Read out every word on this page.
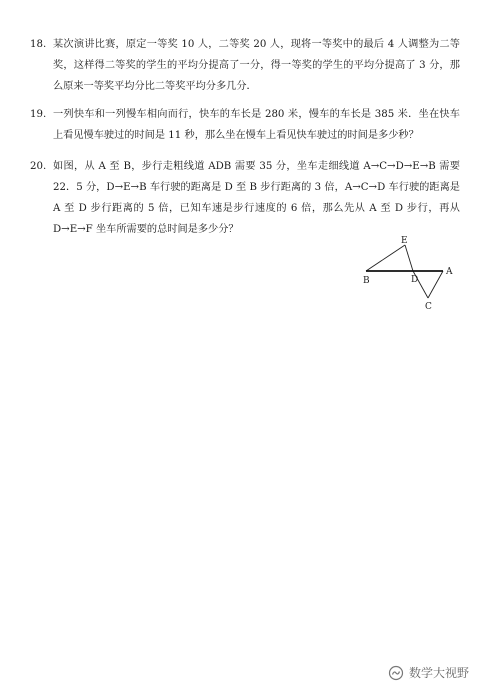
18. 某次演讲比赛，原定一等奖 10 人，二等奖 20 人，现将一等奖中的最后 4 人调整为二等奖，这样得二等奖的学生的平均分提高了一分，得一等奖的学生的平均分提高了 3 分，那么原来一等奖平均分比二等奖平均分多几分．
19. 一列快车和一列慢车相向而行，快车的车长是 280 米，慢车的车长是 385 米．坐在快车上看见慢车驶过的时间是 11 秒，那么坐在慢车上看见快车驶过的时间是多少秒？
20. 如图，从 A 至 B，步行走粗线道 ADB 需要 35 分，坐车走细线道 A→C→D→E→B 需要 22．5 分，D→E→B 车行驶的距离是 D 至 B 步行距离的 3 倍，A→C→D 车行驶的距离是 A 至 D 步行距离的 5 倍，已知车速是步行速度的 6 倍，那么先从 A 至 D 步行，再从 D→E→F 坐车所需要的总时间是多少分？
E
B	D
A
C
数学大视野
